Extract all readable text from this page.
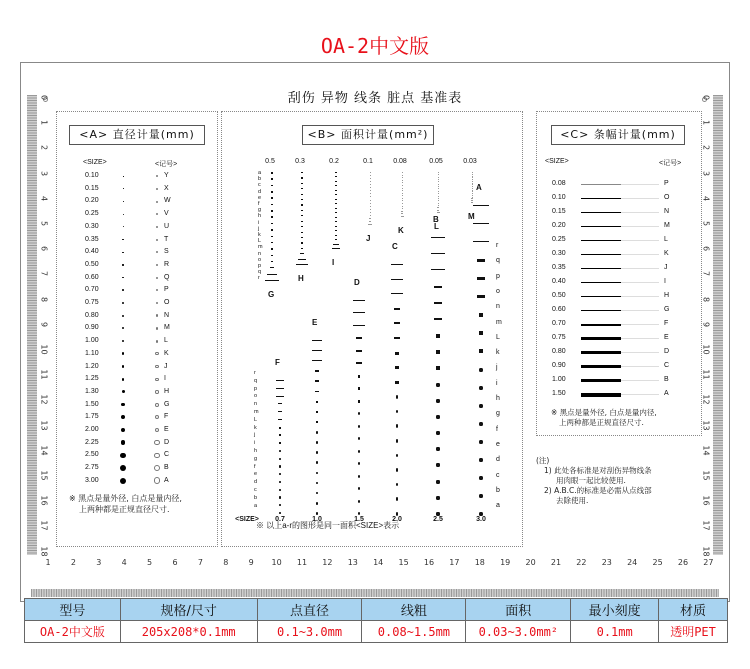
OA-2中文版
刮伤 异物 线条 脏点 基准表
0	0
1	1
2	2
3	3
4	4
5	5
6	6
7	7
8	8
9	9
10	10
11	11
12	12
13	13
14	14
15	15
16	16
17	17
18	18
1	2	3	4	5	6	7	8	9	10 11 12 13 14 15 16 17 18 19 20 21 22 23 24 25 26 27
<A> 直径计量(mm)
<SIZE>	<记号>
0.10	Y
0.15	X
0.20	W
0.25	V
0.30	U
0.35	T
0.40	S
0.50	R
0.60	Q
0.70	P
0.75	O
0.80	N
0.90	M
1.00	L
1.10	K
1.20	J
1.25	I
1.30	H
1.50	G
1.75	F
2.00	E
2.25	D
2.50	C
2.75	B
3.00	A
※ 黑点是量外径, 白点是量内径,
上两种都是正规直径尺寸.
<B> 面积计量(mm²)
0.5
G
0.3
H
0.2
I
0.1
J
0.08
K
0.05
L
0.03
M
a
b
c
d
e
f
g
h
i
j
k
L
m
n
o
p
q
r
F
0.7
E
1.0
D
1.5
C
2.0
B
2.5
A
3.0
<SIZE>
r
q
p
o
n
m
L
k
j
i
h
g
f
e
d
c
b
a
r
q
p
o
n
m
L
k
j
i
h
g
f
e
d
c
b
a
※ 以上a-r的图形是同一面积<SIZE>表示
<C> 条幅计量(mm)
<SIZE>	<记号>
0.08	P
0.10	O
0.15	N
0.20	M
0.25	L
0.30	K
0.35	J
0.40	I
0.50	H
0.60	G
0.70	F
0.75	E
0.80	D
0.90	C
1.00	B
1.50	A
※ 黑点是量外径, 白点是量内径,
上两种都是正规直径尺寸.
(注)
1) 此处各标准是对刮伤异物线条
用肉眼一起比较使用.
2) A.B.C.的标准是必需从点线部
去除使用.
型号	规格/尺寸	点直径	线粗	面积	最小刻度	材质
OA-2中文版	205x208*0.1mm	0.1~3.0mm	0.08~1.5mm	0.03~3.0mm²	0.1mm	透明PET
